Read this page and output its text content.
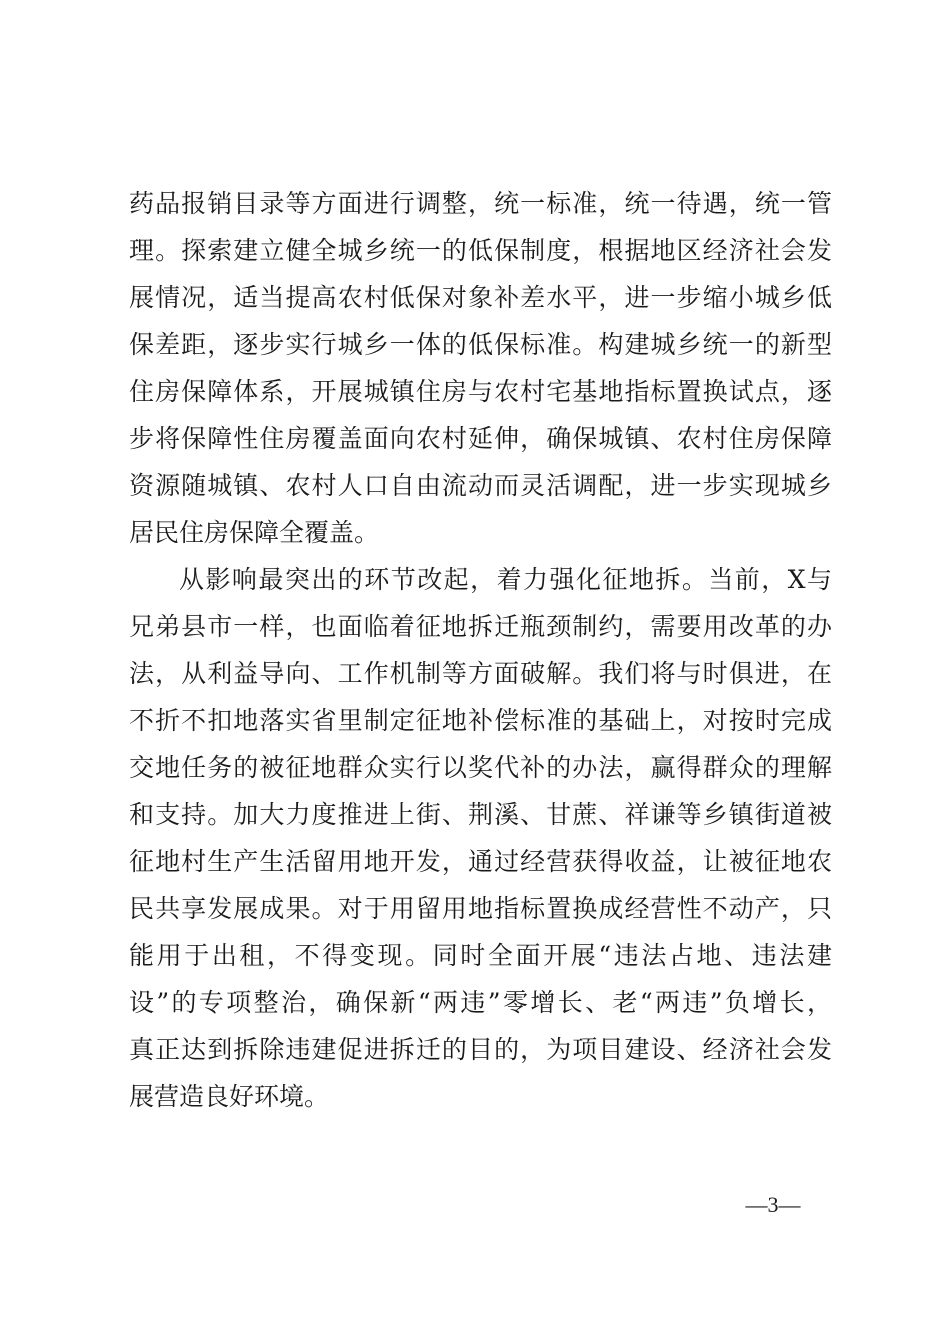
药品报销目录等方面进行调整，统一标准，统一待遇，统一管
理。探索建立健全城乡统一的低保制度，根据地区经济社会发
展情况，适当提高农村低保对象补差水平，进一步缩小城乡低
保差距，逐步实行城乡一体的低保标准。构建城乡统一的新型
住房保障体系，开展城镇住房与农村宅基地指标置换试点，逐
步将保障性住房覆盖面向农村延伸，确保城镇、农村住房保障
资源随城镇、农村人口自由流动而灵活调配，进一步实现城乡
居民住房保障全覆盖。
从影响最突出的环节改起，着力强化征地拆。当前，X与
兄弟县市一样，也面临着征地拆迁瓶颈制约，需要用改革的办
法，从利益导向、工作机制等方面破解。我们将与时俱进，在
不折不扣地落实省里制定征地补偿标准的基础上，对按时完成
交地任务的被征地群众实行以奖代补的办法，赢得群众的理解
和支持。加大力度推进上街、荆溪、甘蔗、祥谦等乡镇街道被
征地村生产生活留用地开发，通过经营获得收益，让被征地农
民共享发展成果。对于用留用地指标置换成经营性不动产，只
能用于出租，不得变现。同时全面开展“违法占地、违法建
设”的专项整治，确保新“两违”零增长、老“两违”负增长，
真正达到拆除违建促进拆迁的目的，为项目建设、经济社会发
展营造良好环境。
—3—
